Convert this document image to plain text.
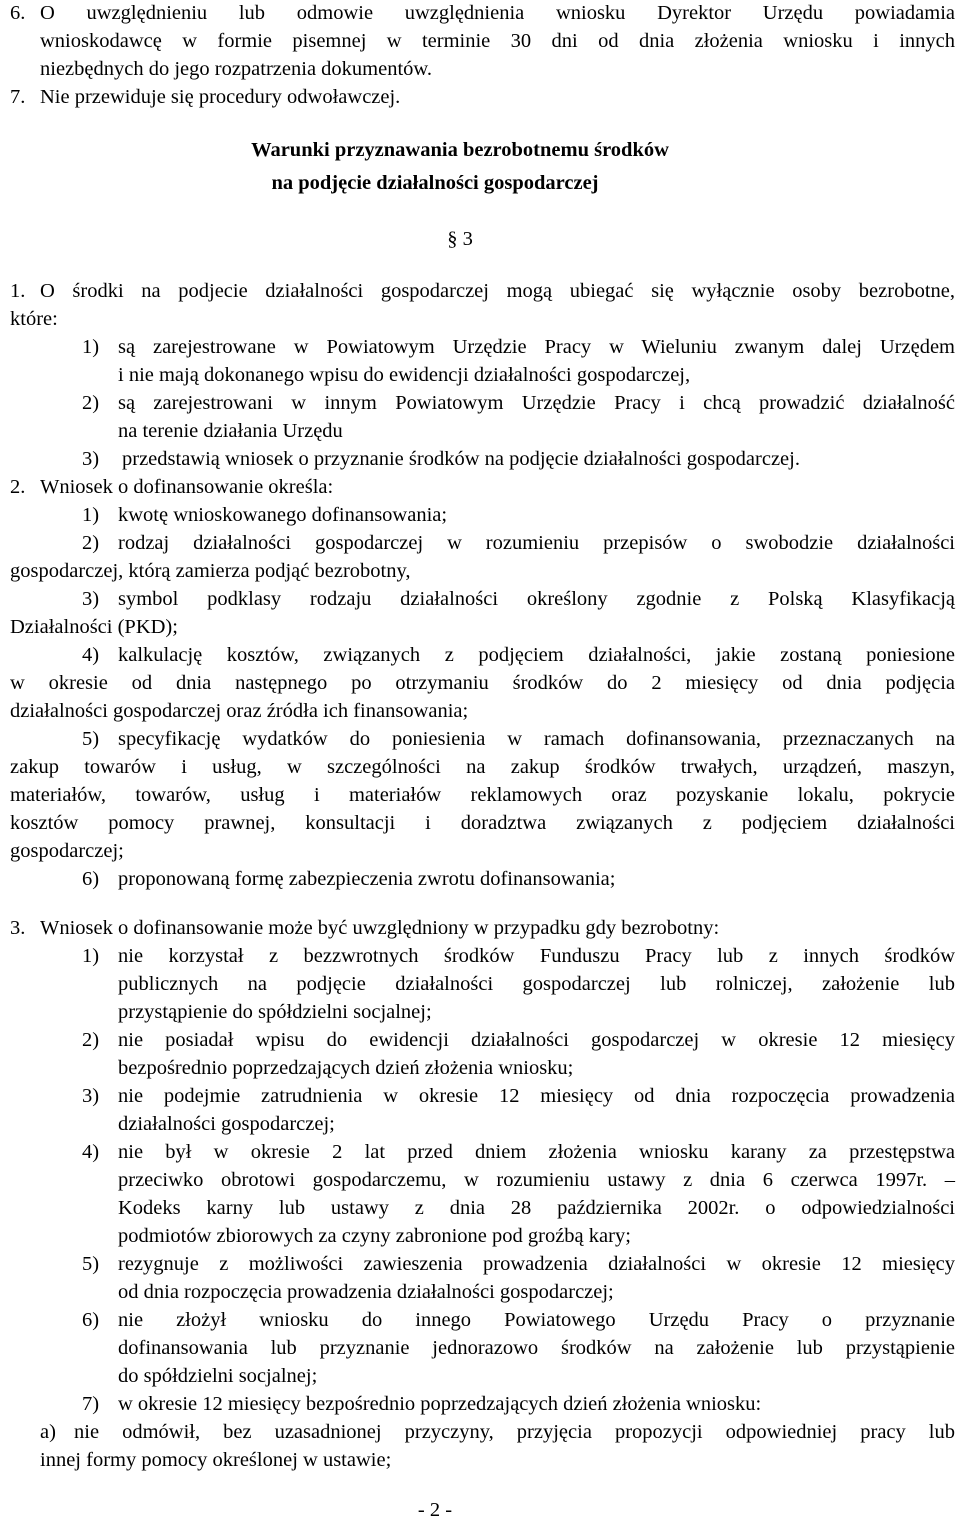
6. O uwzględnieniu lub odmowie uwzględnienia wniosku Dyrektor Urzędu powiadamia
wnioskodawcę w formie pisemnej w terminie 30 dni od dnia złożenia wniosku i innych
niezbędnych do jego rozpatrzenia dokumentów.
7. Nie przewiduje się procedury odwoławczej.
Warunki przyznawania bezrobotnemu środków
na podjęcie działalności gospodarczej
§ 3
1. O środki na podjecie działalności gospodarczej mogą ubiegać się wyłącznie osoby bezrobotne,
które:
1) są zarejestrowane w Powiatowym Urzędzie Pracy w Wieluniu zwanym dalej Urzędem
i nie mają dokonanego wpisu do ewidencji działalności gospodarczej,
2) są zarejestrowani w innym Powiatowym Urzędzie Pracy i chcą prowadzić działalność
na terenie działania Urzędu
3) przedstawią wniosek o przyznanie środków na podjęcie działalności gospodarczej.
2. Wniosek o dofinansowanie określa:
1) kwotę wnioskowanego dofinansowania;
2) rodzaj działalności gospodarczej w rozumieniu przepisów o swobodzie działalności
gospodarczej, którą zamierza podjąć bezrobotny,
3) symbol podklasy rodzaju działalności określony zgodnie z Polską Klasyfikacją
Działalności (PKD);
4) kalkulację kosztów, związanych z podjęciem działalności, jakie zostaną poniesione
w okresie od dnia następnego po otrzymaniu środków do 2 miesięcy od dnia podjęcia
działalności gospodarczej oraz źródła ich finansowania;
5) specyfikację wydatków do poniesienia w ramach dofinansowania, przeznaczanych na
zakup towarów i usług, w szczególności na zakup środków trwałych, urządzeń, maszyn,
materiałów, towarów, usług i materiałów reklamowych oraz pozyskanie lokalu, pokrycie
kosztów pomocy prawnej, konsultacji i doradztwa związanych z podjęciem działalności
gospodarczej;
6) proponowaną formę zabezpieczenia zwrotu dofinansowania;
3. Wniosek o dofinansowanie może być uwzględniony w przypadku gdy bezrobotny:
1) nie korzystał z bezzwrotnych środków Funduszu Pracy lub z innych środków
publicznych na podjęcie działalności gospodarczej lub rolniczej, założenie lub
przystąpienie do spółdzielni socjalnej;
2) nie posiadał wpisu do ewidencji działalności gospodarczej w okresie 12 miesięcy
bezpośrednio poprzedzających dzień złożenia wniosku;
3) nie podejmie zatrudnienia w okresie 12 miesięcy od dnia rozpoczęcia prowadzenia
działalności gospodarczej;
4) nie był w okresie 2 lat przed dniem złożenia wniosku karany za przestępstwa
przeciwko obrotowi gospodarczemu, w rozumieniu ustawy z dnia 6 czerwca 1997r. –
Kodeks karny lub ustawy z dnia 28 października 2002r. o odpowiedzialności
podmiotów zbiorowych za czyny zabronione pod groźbą kary;
5) rezygnuje z możliwości zawieszenia prowadzenia działalności w okresie 12 miesięcy
od dnia rozpoczęcia prowadzenia działalności gospodarczej;
6) nie złożył wniosku do innego Powiatowego Urzędu Pracy o przyznanie
dofinansowania lub przyznanie jednorazowo środków na założenie lub przystąpienie
do spółdzielni socjalnej;
7) w okresie 12 miesięcy bezpośrednio poprzedzających dzień złożenia wniosku:
a) nie odmówił, bez uzasadnionej przyczyny, przyjęcia propozycji odpowiedniej pracy lub
innej formy pomocy określonej w ustawie;
- 2 -
